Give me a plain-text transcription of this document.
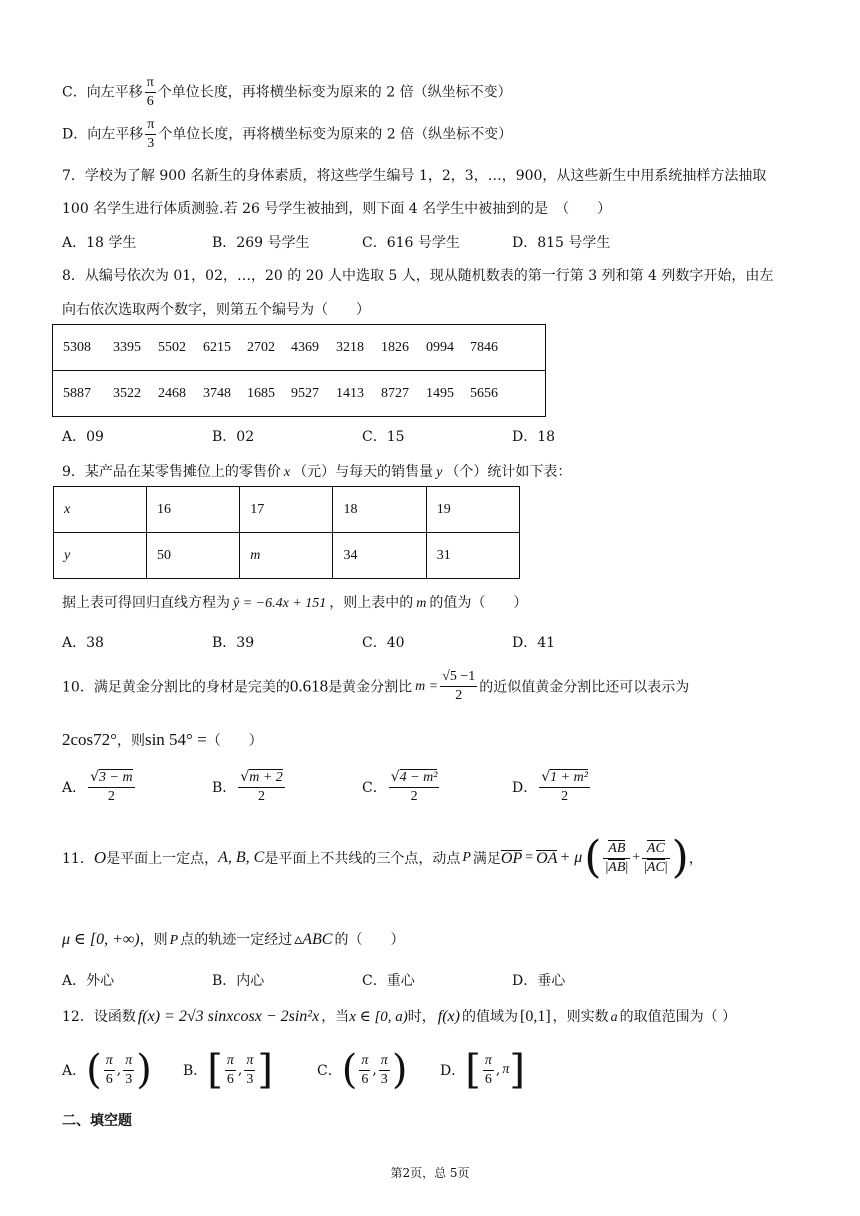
C．向左平移 $\frac{\pi}{6}$ 个单位长度，再将横坐标变为原来的 2 倍（纵坐标不变）
D．向左平移 $\frac{\pi}{3}$ 个单位长度，再将横坐标变为原来的 2 倍（纵坐标不变）
7．学校为了解 900 名新生的身体素质，将这些学生编号 1，2，3，…，900，从这些新生中用系统抽样方法抽取
100 名学生进行体质测验.若 26 号学生被抽到，则下面 4 名学生中被抽到的是　（　　）
A．18 学生	B．269 号学生	C．616 号学生	D．815 号学生
8．从编号依次为 01，02，…，20 的 20 人中选取 5 人，现从随机数表的第一行第 3 列和第 4 列数字开始，由左
向右依次选取两个数字，则第五个编号为（　　）
5308 3395 5502 6215 2702 4369 3218 1826 0994 7846
5887 3522 2468 3748 1685 9527 1413 8727 1495 5656
A．09	B．02	C．15	D．18
9．某产品在某零售摊位上的零售价 x （元）与每天的销售量 y （个）统计如下表：
x	16	17	18	19
y	50	m	34	31
据上表可得回归直线方程为 ŷ = −6.4x + 151 ，则上表中的 m 的值为（　　）
A．38	B．39	C．40	D．41
10．满足黄金分割比的身材是完美的0.618是黄金分割比 $m = \frac{√5 -1}{2}$ 的近似值黄金分割比还可以表示为
2cos72°，则sin 54° =（　　）
A． $\frac{√3 - m}{2}$	B． $\frac{√m + 2}{2}$	C． $\frac{\text{√4 − m²}}{2}$	D． $\frac{\text{√1 + m²}}{2}$
11．O是平面上一定点，A, B, C是平面上不共线的三个点，动点 P 满足OP = OA + $\mu( \frac{AB}{|AB|} + \frac{AC}{|AC|}$ )，
μ ∈ [0, +∞)，则 P 点的轨迹一定经过 ▵ABC 的（　　）
A．外心	B．内心	C．重心	D．垂心
12．设函数 f(x) = 2√3 sinxcosx − 2sin²x ，当x ∈ [0, a)时， f(x) 的值域为 [0,1] ，则实数 a 的取值范围为（ ）
A．( $\frac{\pi}{6}$ , $\frac{\pi}{3}$ ) B．[ $\frac{\pi}{6}$ , $\frac{\pi}{3}$ ]	C．( $\frac{\pi}{6}$ , $\frac{\pi}{3}$ ) D．[ $\frac{\pi}{6}$ , π]
二、填空题
第2页，总 5页
